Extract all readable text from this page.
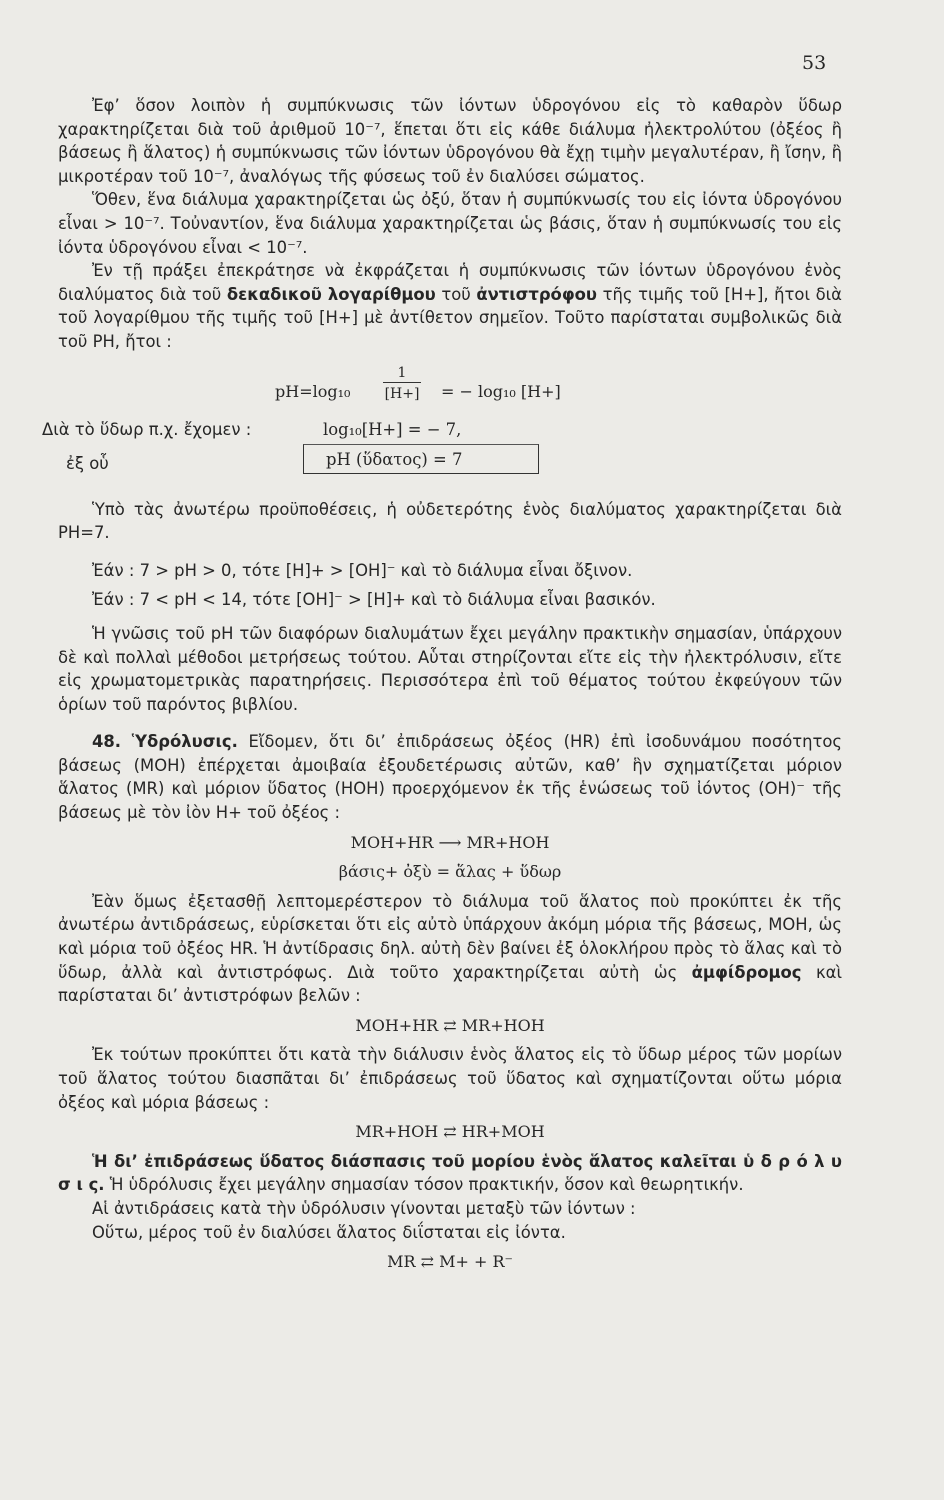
53

Ἐφ’ ὅσον λοιπὸν ἡ συμπύκνωσις τῶν ἰόντων ὑδρογόνου εἰς τὸ καθαρὸν ὕδωρ χαρακτηρίζεται διὰ τοῦ ἀριθμοῦ 10⁻⁷, ἕπεται ὅτι εἰς κάθε διάλυμα ἠλεκτρολύτου (ὀξέος ἢ βάσεως ἢ ἅλατος) ἡ συμπύκνωσις τῶν ἰόντων ὑδρογόνου θὰ ἔχῃ τιμὴν μεγαλυτέραν, ἢ ἴσην, ἢ μικροτέραν τοῦ 10⁻⁷, ἀναλόγως τῆς φύσεως τοῦ ἐν διαλύσει σώματος.

Ὅθεν, ἕνα διάλυμα χαρακτηρίζεται ὡς ὀξύ, ὅταν ἡ συμπύκνωσίς του εἰς ἰόντα ὑδρογόνου εἶναι > 10⁻⁷. Τοὐναντίον, ἕνα διάλυμα χαρακτηρίζεται ὡς βάσις, ὅταν ἡ συμπύκνωσίς του εἰς ἰόντα ὑδρογόνου εἶναι < 10⁻⁷.

Ἐν τῇ πράξει ἐπεκράτησε νὰ ἐκφράζεται ἡ συμπύκνωσις τῶν ἰόντων ὑδρογόνου ἑνὸς διαλύματος διὰ τοῦ δεκαδικοῦ λογαρίθμου τοῦ ἀντιστρόφου τῆς τιμῆς τοῦ [Η+], ἤτοι διὰ τοῦ λογαρίθμου τῆς τιμῆς τοῦ [Η+] μὲ ἀντίθετον σημεῖον. Τοῦτο παρίσταται συμβολικῶς διὰ τοῦ ΡΗ, ἤτοι :

$pH=\log_{10} \frac{1}{[H+]}$ = − log₁₀ [H+]
Διὰ τὸ ὕδωρ π.χ. ἔχομεν :	log₁₀[H+] = − 7,
ἐξ οὗ	pH (ὕδατος) = 7

Ὑπὸ τὰς ἀνωτέρω προϋποθέσεις, ἡ οὐδετερότης ἑνὸς διαλύματος χαρακτηρίζεται διὰ ΡΗ=7.

Ἐάν : 7 > pH > 0, τότε [H]+ > [OH]⁻ καὶ τὸ διάλυμα εἶναι ὄξινον.

Ἐάν : 7 < pH < 14, τότε [OH]⁻ > [H]+ καὶ τὸ διάλυμα εἶναι βασικόν.

Ἡ γνῶσις τοῦ pH τῶν διαφόρων διαλυμάτων ἔχει μεγάλην πρακτικὴν σημασίαν, ὑπάρχουν δὲ καὶ πολλαὶ μέθοδοι μετρήσεως τούτου. Αὗται στηρίζονται εἴτε εἰς τὴν ἠλεκτρόλυσιν, εἴτε εἰς χρωματομετρικὰς παρατηρήσεις. Περισσότερα ἐπὶ τοῦ θέματος τούτου ἐκφεύγουν τῶν ὁρίων τοῦ παρόντος βιβλίου.

48. Ὑδρόλυσις. Εἴδομεν, ὅτι δι’ ἐπιδράσεως ὀξέος (HR) ἐπὶ ἰσοδυνάμου ποσότητος βάσεως (ΜΟΗ) ἐπέρχεται ἀμοιβαία ἐξουδετέρωσις αὐτῶν, καθ’ ἣν σχηματίζεται μόριον ἅλατος (MR) καὶ μόριον ὕδατος (ΗΟΗ) προερχόμενον ἐκ τῆς ἑνώσεως τοῦ ἰόντος (ΟΗ)⁻ τῆς βάσεως μὲ τὸν ἰὸν Η+ τοῦ ὀξέος :

ΜΟΗ+HR ⟶ MR+HOH
βάσις+ ὀξὺ = ἅλας + ὕδωρ

Ἐὰν ὅμως ἐξετασθῇ λεπτομερέστερον τὸ διάλυμα τοῦ ἅλατος ποὺ προκύπτει ἐκ τῆς ἀνωτέρω ἀντιδράσεως, εὑρίσκεται ὅτι εἰς αὐτὸ ὑπάρχουν ἀκόμη μόρια τῆς βάσεως, ΜΟΗ, ὡς καὶ μόρια τοῦ ὀξέος HR. Ἡ ἀντίδρασις δηλ. αὐτὴ δὲν βαίνει ἐξ ὁλοκλήρου πρὸς τὸ ἅλας καὶ τὸ ὕδωρ, ἀλλὰ καὶ ἀντιστρόφως. Διὰ τοῦτο χαρακτηρίζεται αὐτὴ ὡς ἀμφίδρομος καὶ παρίσταται δι’ ἀντιστρόφων βελῶν :

ΜΟΗ+HR ⇄ MR+HOH

Ἐκ τούτων προκύπτει ὅτι κατὰ τὴν διάλυσιν ἑνὸς ἅλατος εἰς τὸ ὕδωρ μέρος τῶν μορίων τοῦ ἅλατος τούτου διασπᾶται δι’ ἐπιδράσεως τοῦ ὕδατος καὶ σχηματίζονται οὕτω μόρια ὀξέος καὶ μόρια βάσεως :

MR+HOH ⇄ HR+MOH

Ἡ δι’ ἐπιδράσεως ὕδατος διάσπασις τοῦ μορίου ἑνὸς ἅλατος καλεῖται ὑ δ ρ ό λ υ σ ι ς. Ἡ ὑδρόλυσις ἔχει μεγάλην σημασίαν τόσον πρακτικήν, ὅσον καὶ θεωρητικήν.

Αἱ ἀντιδράσεις κατὰ τὴν ὑδρόλυσιν γίνονται μεταξὺ τῶν ἰόντων :

Οὕτω, μέρος τοῦ ἐν διαλύσει ἅλατος διΐσταται εἰς ἰόντα.

MR ⇄ M+ + R⁻
